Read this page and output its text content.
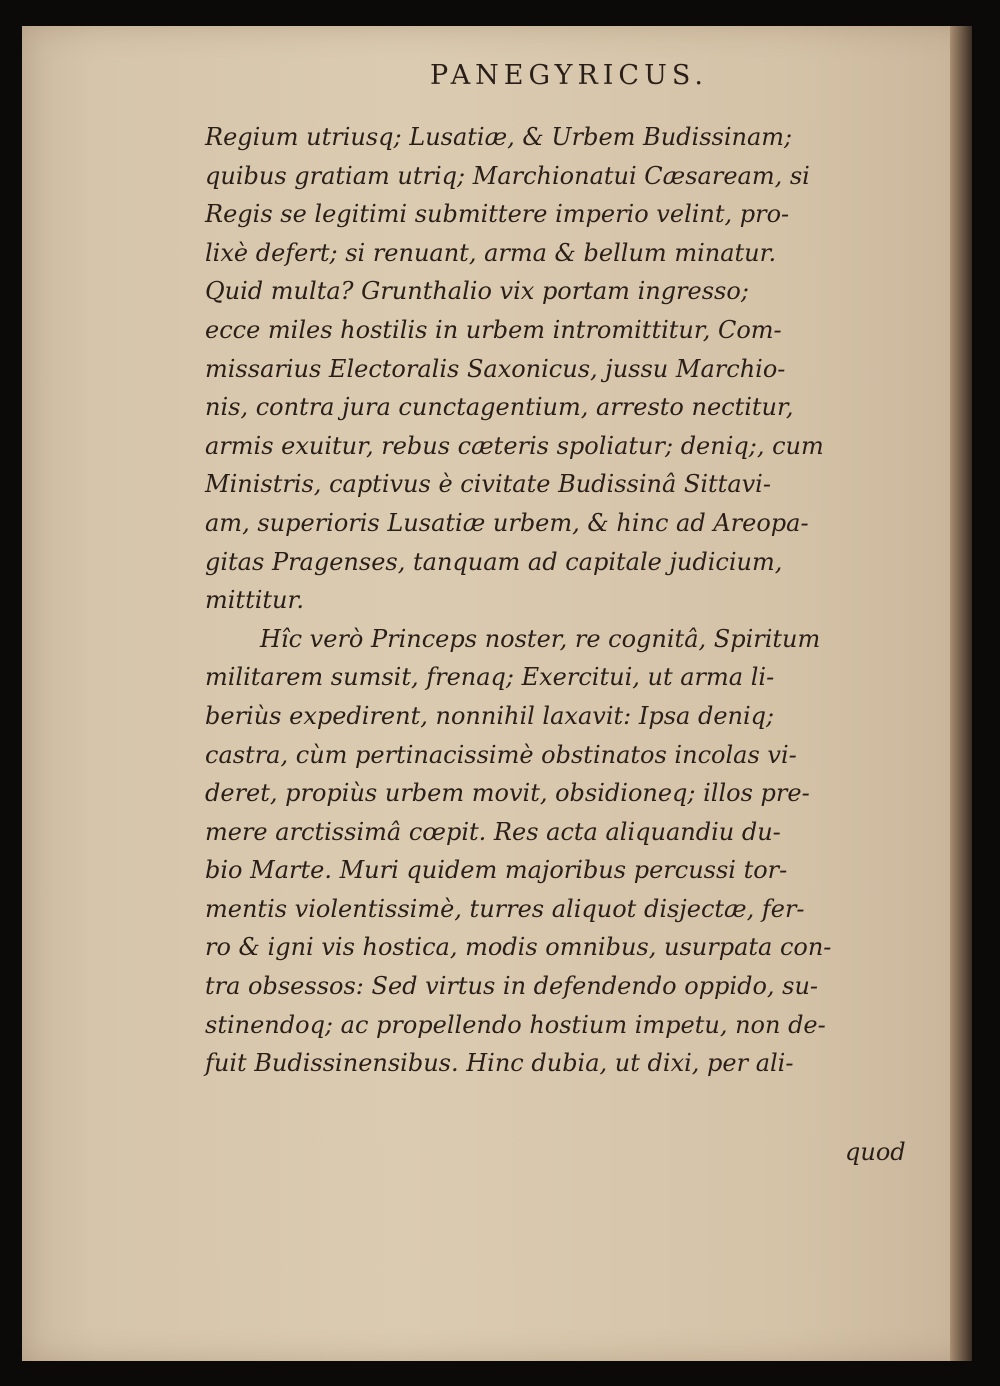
PANEGYRICUS.
Regium utriusq; Lusatiæ, & Urbem Budissinam;
quibus gratiam utriq; Marchionatui Cæsaream, si
Regis se legitimi submittere imperio velint, pro-
lixè defert; si renuant, arma & bellum minatur.
Quid multa? Grunthalio vix portam ingresso;
ecce miles hostilis in urbem intromittitur, Com-
missarius Electoralis Saxonicus, jussu Marchio-
nis, contra jura cunctagentium, arresto nectitur,
armis exuitur, rebus cæteris spoliatur; deniq;, cum
Ministris, captivus è civitate Budissinâ Sittavi-
am, superioris Lusatiæ urbem, & hinc ad Areopa-
gitas Pragenses, tanquam ad capitale judicium,
mittitur.
Hîc verò Princeps noster, re cognitâ, Spiritum
militarem sumsit, frenaq; Exercitui, ut arma li-
beriùs expedirent, nonnihil laxavit: Ipsa deniq;
castra, cùm pertinacissimè obstinatos incolas vi-
deret, propiùs urbem movit, obsidioneq; illos pre-
mere arctissimâ cœpit. Res acta aliquandiu du-
bio Marte. Muri quidem majoribus percussi tor-
mentis violentissimè, turres aliquot disjectæ, fer-
ro & igni vis hostica, modis omnibus, usurpata con-
tra obsessos: Sed virtus in defendendo oppido, su-
stinendoq; ac propellendo hostium impetu, non de-
fuit Budissinensibus. Hinc dubia, ut dixi, per ali-
quod
